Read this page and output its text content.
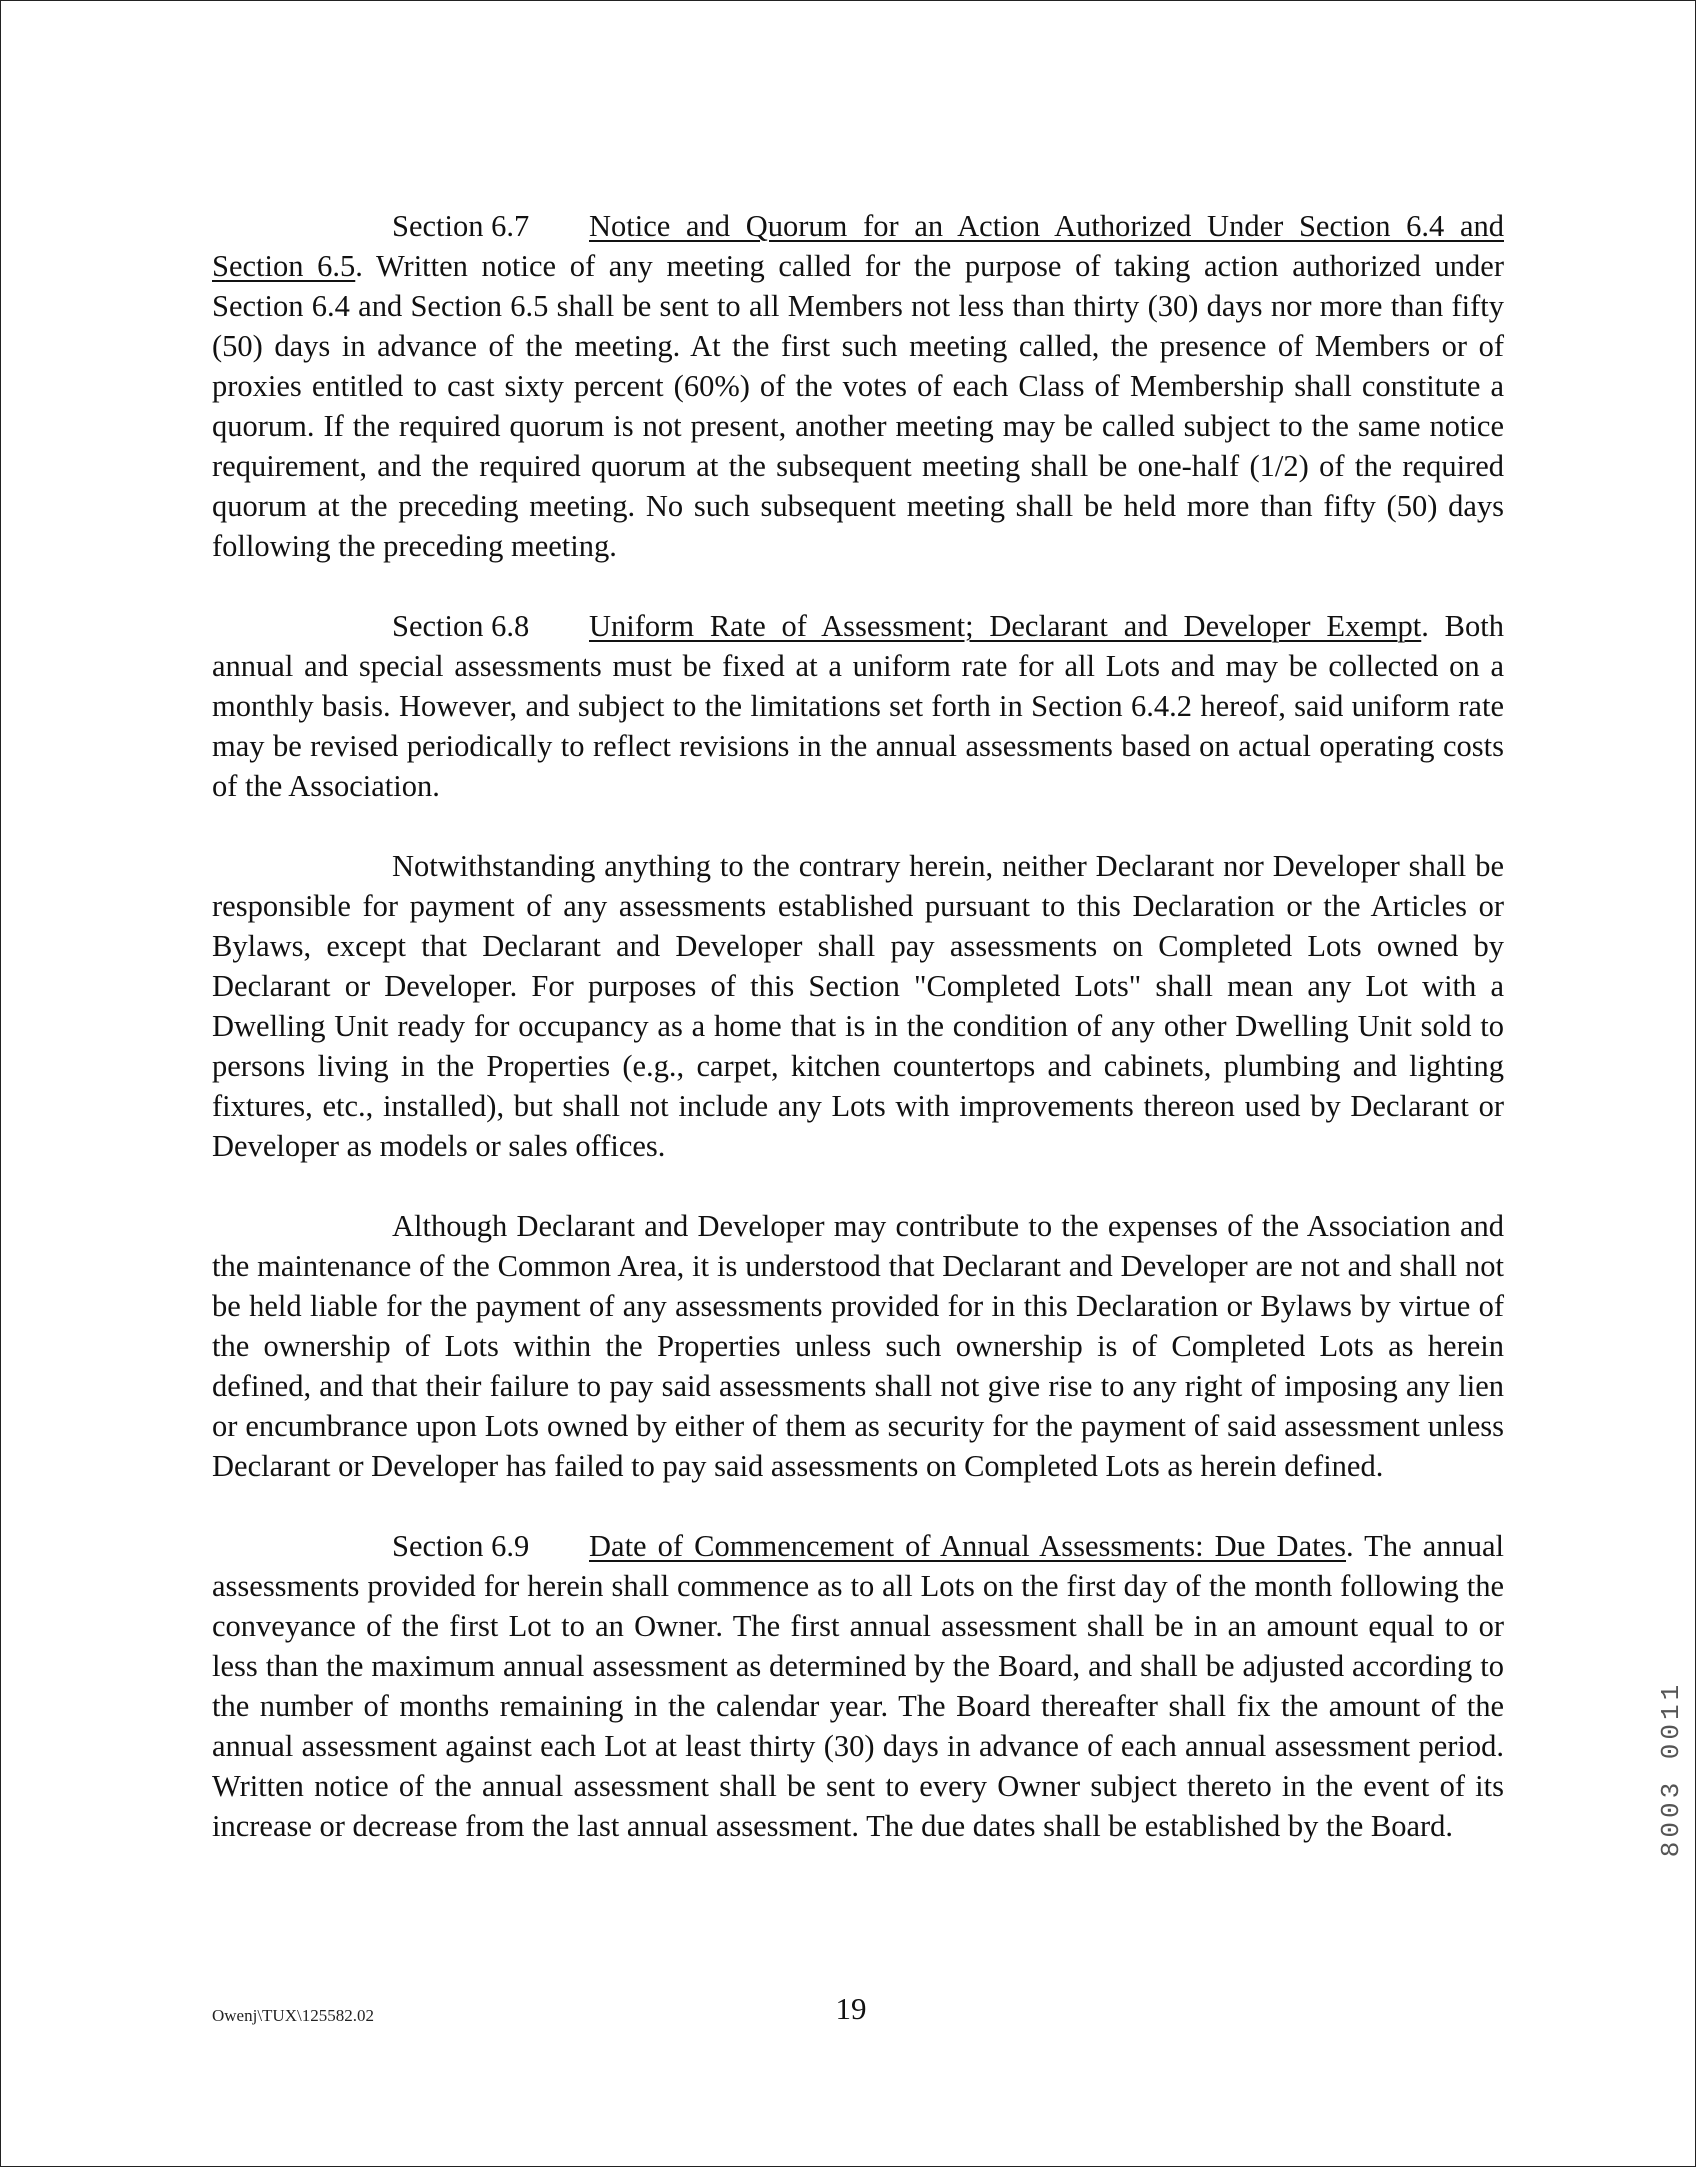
Section 6.7 Notice and Quorum for an Action Authorized Under Section 6.4 and Section 6.5. Written notice of any meeting called for the purpose of taking action authorized under Section 6.4 and Section 6.5 shall be sent to all Members not less than thirty (30) days nor more than fifty (50) days in advance of the meeting. At the first such meeting called, the presence of Members or of proxies entitled to cast sixty percent (60%) of the votes of each Class of Membership shall constitute a quorum. If the required quorum is not present, another meeting may be called subject to the same notice requirement, and the required quorum at the subsequent meeting shall be one-half (1/2) of the required quorum at the preceding meeting. No such subsequent meeting shall be held more than fifty (50) days following the preceding meeting.

Section 6.8 Uniform Rate of Assessment; Declarant and Developer Exempt. Both annual and special assessments must be fixed at a uniform rate for all Lots and may be collected on a monthly basis. However, and subject to the limitations set forth in Section 6.4.2 hereof, said uniform rate may be revised periodically to reflect revisions in the annual assessments based on actual operating costs of the Association.

Notwithstanding anything to the contrary herein, neither Declarant nor Developer shall be responsible for payment of any assessments established pursuant to this Declaration or the Articles or Bylaws, except that Declarant and Developer shall pay assessments on Completed Lots owned by Declarant or Developer. For purposes of this Section "Completed Lots" shall mean any Lot with a Dwelling Unit ready for occupancy as a home that is in the condition of any other Dwelling Unit sold to persons living in the Properties (e.g., carpet, kitchen countertops and cabinets, plumbing and lighting fixtures, etc., installed), but shall not include any Lots with improvements thereon used by Declarant or Developer as models or sales offices.

Although Declarant and Developer may contribute to the expenses of the Association and the maintenance of the Common Area, it is understood that Declarant and Developer are not and shall not be held liable for the payment of any assessments provided for in this Declaration or Bylaws by virtue of the ownership of Lots within the Properties unless such ownership is of Completed Lots as herein defined, and that their failure to pay said assessments shall not give rise to any right of imposing any lien or encumbrance upon Lots owned by either of them as security for the payment of said assessment unless Declarant or Developer has failed to pay said assessments on Completed Lots as herein defined.

Section 6.9 Date of Commencement of Annual Assessments: Due Dates. The annual assessments provided for herein shall commence as to all Lots on the first day of the month following the conveyance of the first Lot to an Owner. The first annual assessment shall be in an amount equal to or less than the maximum annual assessment as determined by the Board, and shall be adjusted according to the number of months remaining in the calendar year. The Board thereafter shall fix the amount of the annual assessment against each Lot at least thirty (30) days in advance of each annual assessment period. Written notice of the annual assessment shall be sent to every Owner subject thereto in the event of its increase or decrease from the last annual assessment. The due dates shall be established by the Board.

Owenj\TUX\125582.02	19
8003 0011
